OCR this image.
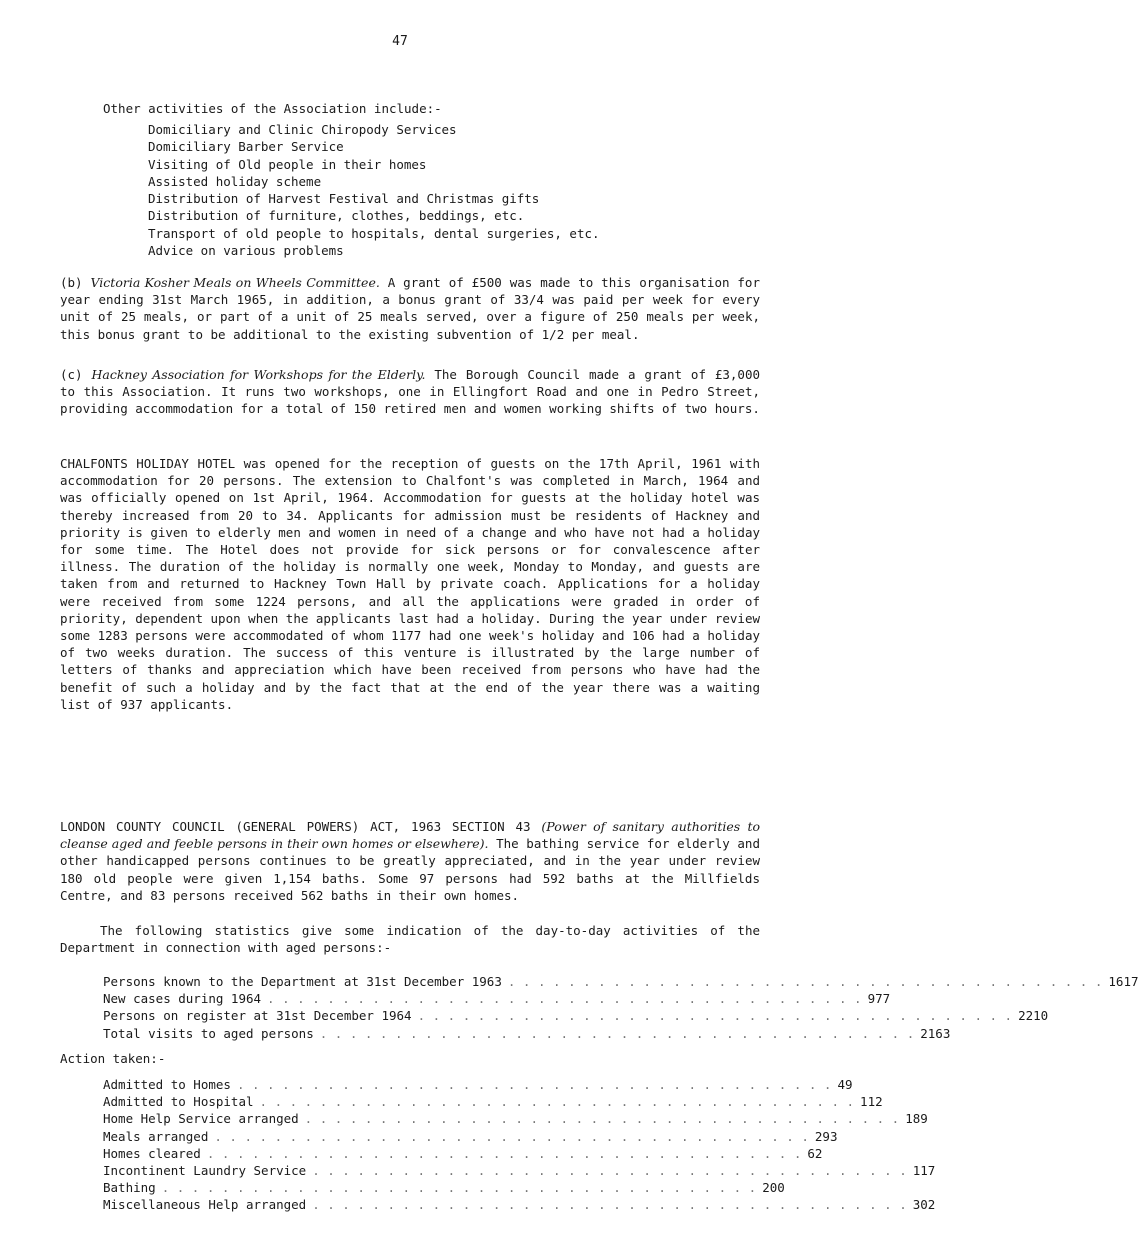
47

Other activities of the Association include:-

Domiciliary and Clinic Chiropody Services
Domiciliary Barber Service
Visiting of Old people in their homes
Assisted holiday scheme
Distribution of Harvest Festival and Christmas gifts
Distribution of furniture, clothes, beddings, etc.
Transport of old people to hospitals, dental surgeries, etc.
Advice on various problems

(b) Victoria Kosher Meals on Wheels Committee. A grant of £500 was made to this organisation for year ending 31st March 1965, in addition, a bonus grant of 33/4 was paid per week for every unit of 25 meals, or part of a unit of 25 meals served, over a figure of 250 meals per week, this bonus grant to be additional to the existing subvention of 1/2 per meal.

(c) Hackney Association for Workshops for the Elderly. The Borough Council made a grant of £3,000 to this Association. It runs two workshops, one in Ellingfort Road and one in Pedro Street, providing accommodation for a total of 150 retired men and women working shifts of two hours.

CHALFONTS HOLIDAY HOTEL was opened for the reception of guests on the 17th April, 1961 with accommodation for 20 persons. The extension to Chalfont's was completed in March, 1964 and was officially opened on 1st April, 1964. Accommodation for guests at the holiday hotel was thereby increased from 20 to 34. Applicants for admission must be residents of Hackney and priority is given to elderly men and women in need of a change and who have not had a holiday for some time. The Hotel does not provide for sick persons or for convalescence after illness. The duration of the holiday is normally one week, Monday to Monday, and guests are taken from and returned to Hackney Town Hall by private coach. Applications for a holiday were received from some 1224 persons, and all the applications were graded in order of priority, dependent upon when the applicants last had a holiday. During the year under review some 1283 persons were accommodated of whom 1177 had one week's holiday and 106 had a holiday of two weeks duration. The success of this venture is illustrated by the large number of letters of thanks and appreciation which have been received from persons who have had the benefit of such a holiday and by the fact that at the end of the year there was a waiting list of 937 applicants.

LONDON COUNTY COUNCIL (GENERAL POWERS) ACT, 1963 SECTION 43 (Power of sanitary authorities to cleanse aged and feeble persons in their own homes or elsewhere). The bathing service for elderly and other handicapped persons continues to be greatly appreciated, and in the year under review 180 old people were given 1,154 baths. Some 97 persons had 592 baths at the Millfields Centre, and 83 persons received 562 baths in their own homes.

The following statistics give some indication of the day-to-day activities of the Department in connection with aged persons:-

Persons known to the Department at 31st December 1963 . . . . . . . . . . . . . . . . . . . . . . . . . . . . . . . . . . . . . . . . 1617
New cases during 1964 . . . . . . . . . . . . . . . . . . . . . . . . . . . . . . . . . . . . . . . . 977
Persons on register at 31st December 1964 . . . . . . . . . . . . . . . . . . . . . . . . . . . . . . . . . . . . . . . . 2210
Total visits to aged persons . . . . . . . . . . . . . . . . . . . . . . . . . . . . . . . . . . . . . . . . 2163

Action taken:-

Admitted to Homes . . . . . . . . . . . . . . . . . . . . . . . . . . . . . . . . . . . . . . . . 49
Admitted to Hospital . . . . . . . . . . . . . . . . . . . . . . . . . . . . . . . . . . . . . . . . 112
Home Help Service arranged . . . . . . . . . . . . . . . . . . . . . . . . . . . . . . . . . . . . . . . . 189
Meals arranged . . . . . . . . . . . . . . . . . . . . . . . . . . . . . . . . . . . . . . . . 293
Homes cleared . . . . . . . . . . . . . . . . . . . . . . . . . . . . . . . . . . . . . . . . 62
Incontinent Laundry Service . . . . . . . . . . . . . . . . . . . . . . . . . . . . . . . . . . . . . . . . 117
Bathing . . . . . . . . . . . . . . . . . . . . . . . . . . . . . . . . . . . . . . . . 200
Miscellaneous Help arranged . . . . . . . . . . . . . . . . . . . . . . . . . . . . . . . . . . . . . . . . 302
